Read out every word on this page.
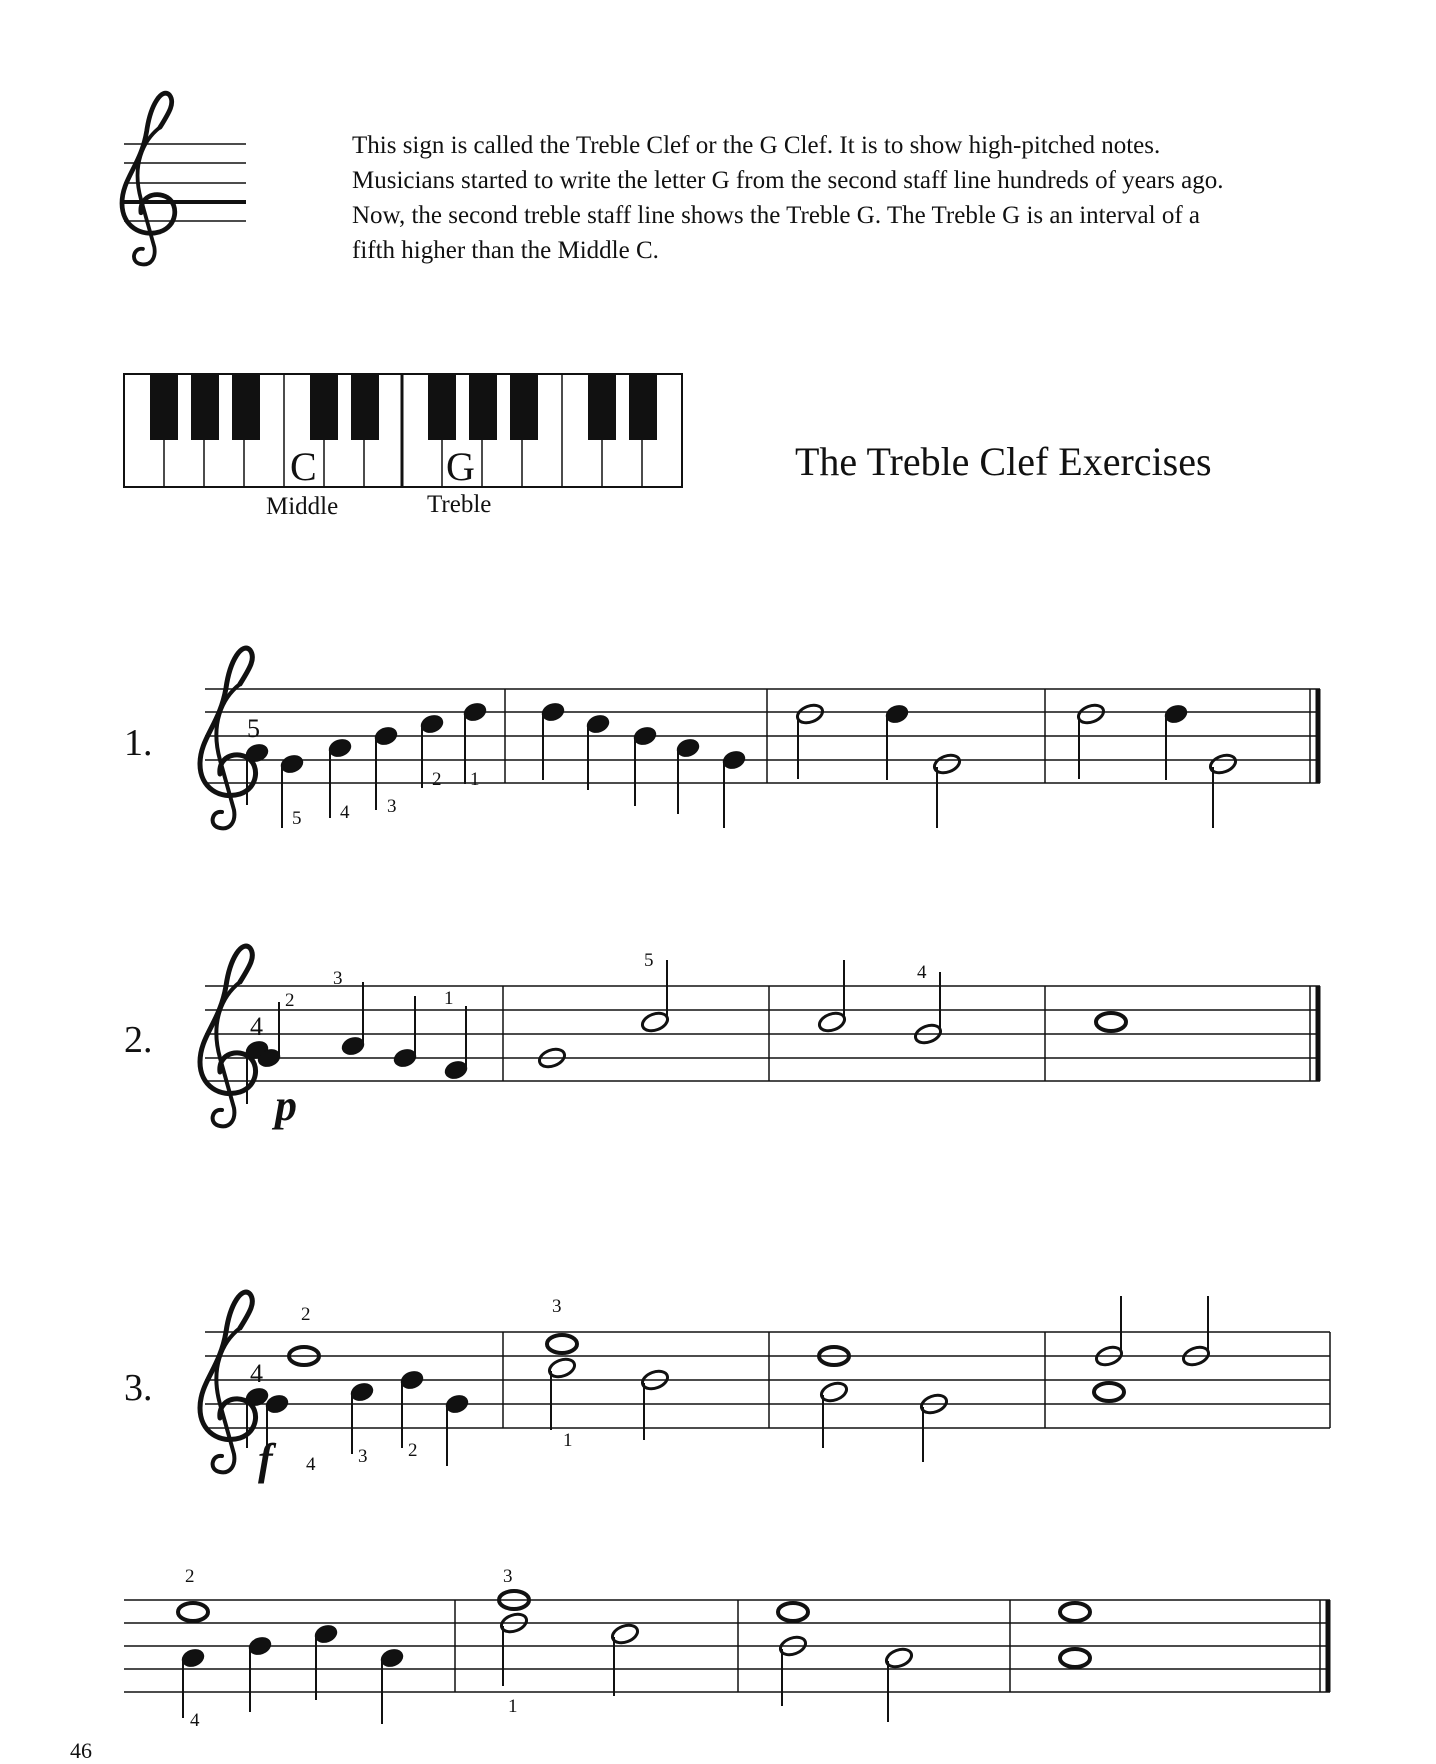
C	G
Middle	Treble
1.	5
5 4 3
2 1
2.	4
2
3
1
5
4
p
3.	4
2
4 3 2
3
1
f
2
4
3
1

This sign is called the Treble Clef or the G Clef. It is to show high-pitched notes.
Musicians started to write the letter G from the second staff line hundreds of years ago.
Now, the second treble staff line shows the Treble G. The Treble G is an interval of a
fifth higher than the Middle C.

The Treble Clef Exercises
46
